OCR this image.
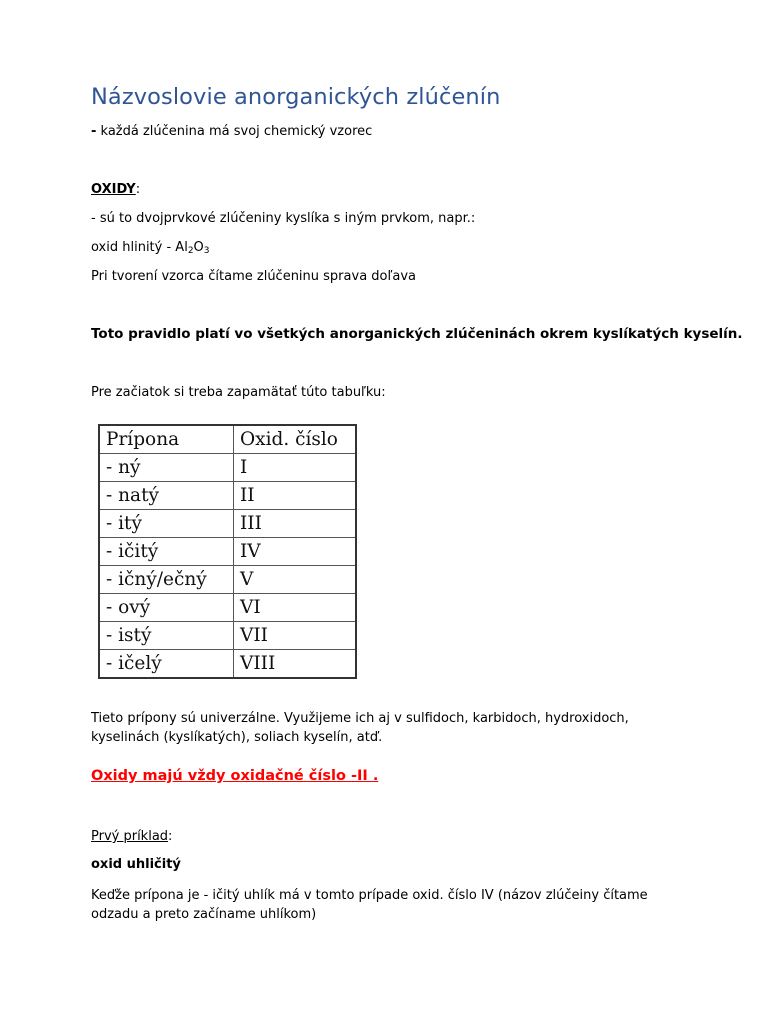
Názvoslovie anorganických zlúčenín
- každá zlúčenina má svoj chemický vzorec
OXIDY:
- sú to dvojprvkové zlúčeniny kyslíka s iným prvkom, napr.:
oxid hlinitý - $Al_2O_3$
Pri tvorení vzorca čítame zlúčeninu sprava doľava
Toto pravidlo platí vo všetkých anorganických zlúčeninách okrem kyslíkatých kyselín.
Pre začiatok si treba zapamätať túto tabuľku:
Prípona	Oxid. číslo
- ný	I
- natý	II
- itý	III
- ičitý	IV
- ičný/ečný	V
- ový	VI
- istý	VII
- ičelý	VIII
Tieto prípony sú univerzálne. Využijeme ich aj v sulfidoch, karbidoch, hydroxidoch, kyselinách (kyslíkatých), soliach kyselín, atď.
Oxidy majú vždy oxidačné číslo -II .
Prvý príklad:
oxid uhličitý
Keďže prípona je - ičitý uhlík má v tomto prípade oxid. číslo IV (názov zlúčeiny čítame odzadu a preto začíname uhlíkom)
